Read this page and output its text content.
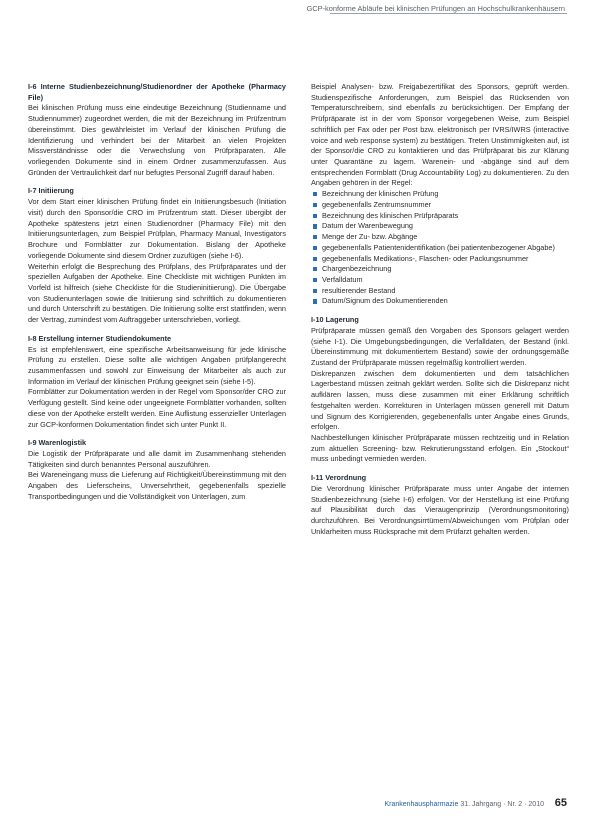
GCP-konforme Abläufe bei klinischen Prüfungen an Hochschulkrankenhäusern
I-6 Interne Studienbezeichnung/Studienordner der Apotheke (Pharmacy File)

Bei klinischen Prüfung muss eine eindeutige Bezeichnung (Studienname und Studiennummer) zugeordnet werden, die mit der Bezeichnung im Prüfzentrum übereinstimmt. Dies gewährleistet im Verlauf der klinischen Prüfung die Identifizierung und verhindert bei der Mitarbeit an vielen Projekten Missverständnisse oder die Verwechslung von Prüfpräparaten. Alle vorliegenden Dokumente sind in einem Ordner zusammenzufassen. Aus Gründen der Vertraulichkeit darf nur befugtes Personal Zugriff darauf haben.

I-7 Initiierung

Vor dem Start einer klinischen Prüfung findet ein Initiierungsbesuch (Initiation visit) durch den Sponsor/die CRO im Prüfzentrum statt. Dieser übergibt der Apotheke spätestens jetzt einen Studienordner (Pharmacy File) mit den Initiierungsunterlagen, zum Beispiel Prüfplan, Pharmacy Manual, Investigators Brochure und Formblätter zur Dokumentation. Bislang der Apotheke vorliegende Dokumente sind diesem Ordner zuzufügen (siehe I-6).

Weiterhin erfolgt die Besprechung des Prüfplans, des Prüfpräparates und der speziellen Aufgaben der Apotheke. Eine Checkliste mit wichtigen Punkten im Vorfeld ist hilfreich (siehe Checkliste für die Studieninitiierung). Die Übergabe von Studienunterlagen sowie die Initiierung sind schriftlich zu dokumentieren und durch Unterschrift zu bestätigen. Die Initiierung sollte erst stattfinden, wenn der Vertrag, zumindest vom Auftraggeber unterschrieben, vorliegt.

I-8 Erstellung interner Studiendokumente

Es ist empfehlenswert, eine spezifische Arbeitsanweisung für jede klinische Prüfung zu erstellen. Diese sollte alle wichtigen Angaben prüfplangerecht zusammenfassen und sowohl zur Einweisung der Mitarbeiter als auch zur Information im Verlauf der klinischen Prüfung geeignet sein (siehe I-5).

Formblätter zur Dokumentation werden in der Regel vom Sponsor/der CRO zur Verfügung gestellt. Sind keine oder ungeeignete Formblätter vorhanden, sollten diese von der Apotheke erstellt werden. Eine Auflistung essenzieller Unterlagen zur GCP-konformen Dokumentation findet sich unter Punkt II.

I-9 Warenlogistik

Die Logistik der Prüfpräparate und alle damit im Zusammenhang stehenden Tätigkeiten sind durch benanntes Personal auszuführen.

Bei Wareneingang muss die Lieferung auf Richtigkeit/Übereinstimmung mit den Angaben des Lieferscheins, Unversehrtheit, gegebenenfalls spezielle Transportbedingungen und die Vollständigkeit von Unterlagen, zum

Beispiel Analysen- bzw. Freigabezertifikat des Sponsors, geprüft werden. Studienspezifische Anforderungen, zum Beispiel das Rücksenden von Temperaturschreibern, sind ebenfalls zu berücksichtigen. Der Empfang der Prüfpräparate ist in der vom Sponsor vorgegebenen Weise, zum Beispiel schriftlich per Fax oder per Post bzw. elektronisch per IVRS/IWRS (interactive voice and web response system) zu bestätigen. Treten Unstimmigkeiten auf, ist der Sponsor/die CRO zu kontaktieren und das Prüfpräparat bis zur Klärung unter Quarantäne zu lagern. Warenein- und -abgänge sind auf dem entsprechenden Formblatt (Drug Accountability Log) zu dokumentieren. Zu den Angaben gehören in der Regel:

Bezeichnung der klinischen Prüfung
gegebenenfalls Zentrumsnummer
Bezeichnung des klinischen Prüfpräparats
Datum der Warenbewegung
Menge der Zu- bzw. Abgänge
gegebenenfalls Patientenidentifikation (bei patientenbezogener Abgabe)
gegebenenfalls Medikations-, Flaschen- oder Packungsnummer
Chargenbezeichnung
Verfalldatum
resultierender Bestand
Datum/Signum des Dokumentierenden
I-10 Lagerung

Prüfpräparate müssen gemäß den Vorgaben des Sponsors gelagert werden (siehe I-1). Die Umgebungsbedingungen, die Verfalldaten, der Bestand (inkl. Übereinstimmung mit dokumentiertem Bestand) sowie der ordnungsgemäße Zustand der Prüfpräparate müssen regelmäßig kontrolliert werden.

Diskrepanzen zwischen dem dokumentierten und dem tatsächlichen Lagerbestand müssen zeitnah geklärt werden. Sollte sich die Diskrepanz nicht aufklären lassen, muss diese zusammen mit einer Erklärung schriftlich festgehalten werden. Korrekturen in Unterlagen müssen generell mit Datum und Signum des Korrigierenden, gegebenenfalls unter Angabe eines Grunds, erfolgen.

Nachbestellungen klinischer Prüfpräparate müssen rechtzeitig und in Relation zum aktuellen Screening- bzw. Rekrutierungsstand erfolgen. Ein „Stockout“ muss unbedingt vermieden werden.

I-11 Verordnung

Die Verordnung klinischer Prüfpräparate muss unter Angabe der internen Studienbezeichnung (siehe I-6) erfolgen. Vor der Herstellung ist eine Prüfung auf Plausibilität durch das Vieraugenprinzip (Verordnungsmonitoring) durchzuführen. Bei Verordnungsirrtümern/Abweichungen vom Prüfplan oder Unklarheiten muss Rücksprache mit dem Prüfarzt gehalten werden.

Krankenhauspharmazie 31. Jahrgang · Nr. 2 · 2010 65
